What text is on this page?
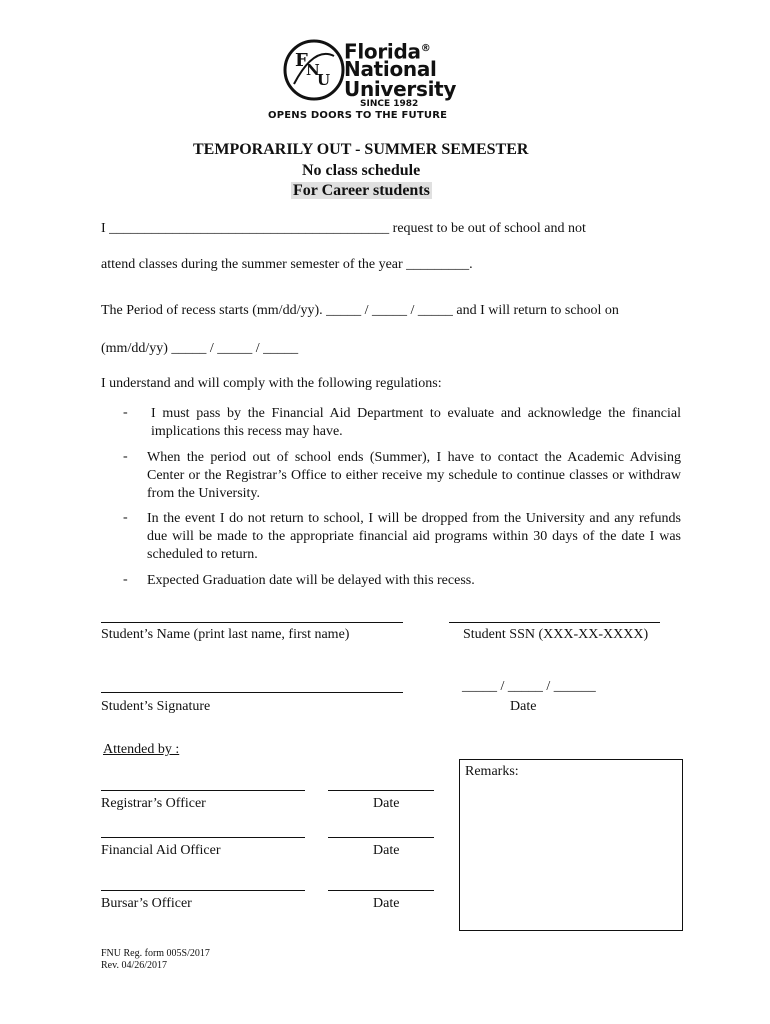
F
N
U
Florida®
National
University
SINCE 1982
OPENS DOORS TO THE FUTURE
TEMPORARILY OUT - SUMMER SEMESTER
No class schedule
For Career students
I ________________________________________ request to be out of school and not
attend classes during the summer semester of the year _________.
The Period of recess starts (mm/dd/yy). _____ / _____ / _____ and I will return to school on
(mm/dd/yy) _____ / _____ / _____
I understand and will comply with the following regulations:
- I must pass by the Financial Aid Department to evaluate and acknowledge the financial implications this recess may have.
- When the period out of school ends (Summer), I have to contact the Academic Advising Center or the Registrar’s Office to either receive my schedule to continue classes or withdraw from the University.
- In the event I do not return to school, I will be dropped from the University and any refunds due will be made to the appropriate financial aid programs within 30 days of the date I was scheduled to return.
- Expected Graduation date will be delayed with this recess.
Student’s Name (print last name, first name)	Student SSN (XXX-XX-XXXX)
Student’s Signature
_____ / _____ / ______
Date
Attended by :
Registrar’s Officer	Date
Financial Aid Officer	Date
Bursar’s Officer	Date
Remarks:
FNU Reg. form 005S/2017
Rev. 04/26/2017
